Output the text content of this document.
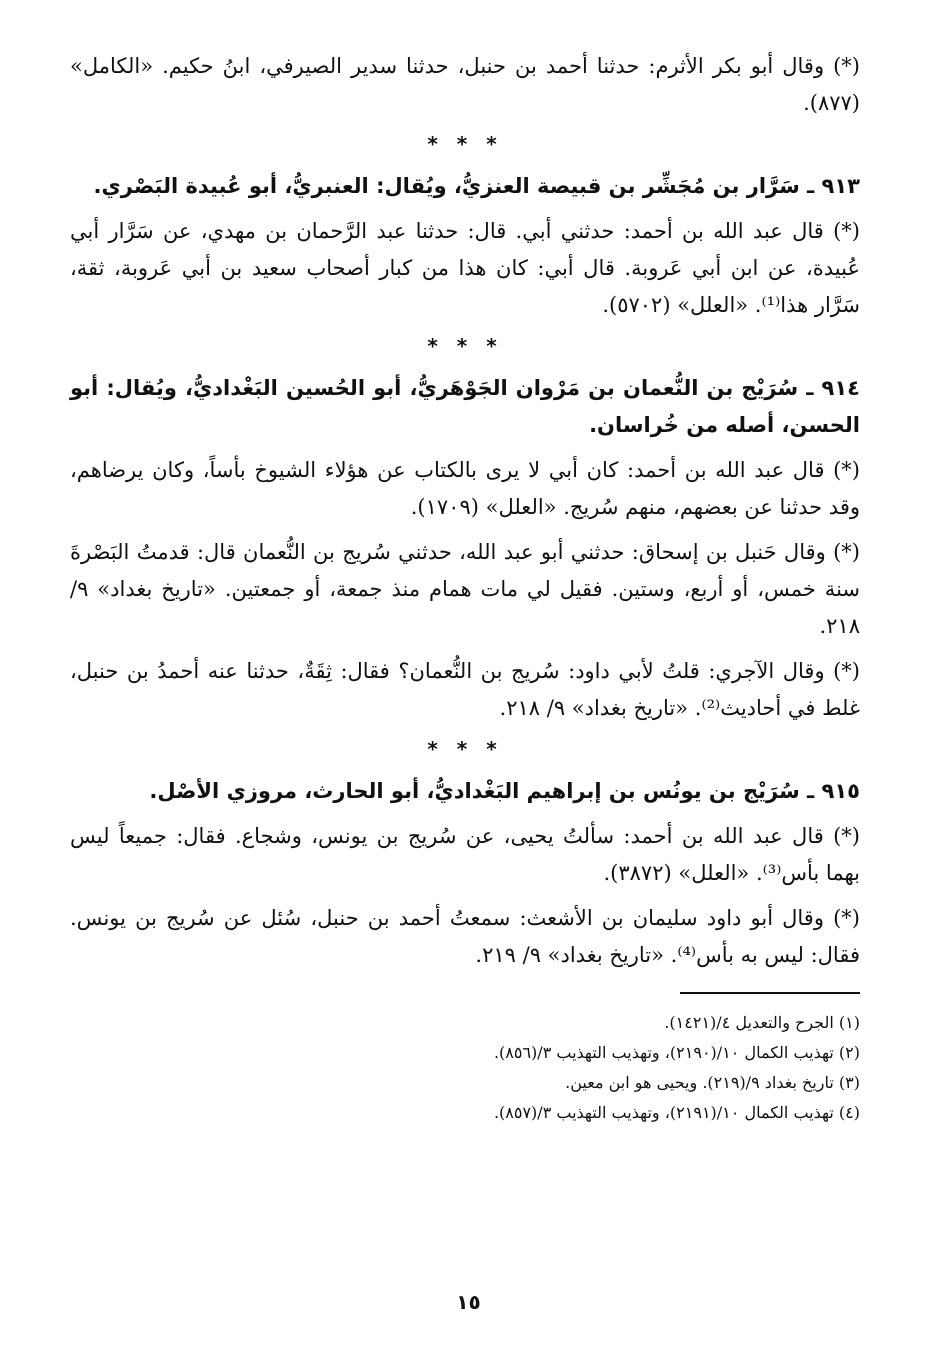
(*) وقال أبو بكر الأثرم: حدثنا أحمد بن حنبل، حدثنا سدير الصيرفي، ابنُ حكيم. «الكامل» (٨٧٧).

* * *

٩١٣ ـ سَرَّار بن مُجَشِّر بن قبيصة العنزيُّ، ويُقال: العنبريُّ، أبو عُبيدة البَصْري.

(*) قال عبد الله بن أحمد: حدثني أبي. قال: حدثنا عبد الرَّحمان بن مهدي، عن سَرَّار أبي عُبيدة، عن ابن أبي عَروبة. قال أبي: كان هذا من كبار أصحاب سعيد بن أبي عَروبة، ثقة، سَرَّار هذا⁽¹⁾. «العلل» (٥٧٠٢).

* * *

٩١٤ ـ سُرَيْج بن النُّعمان بن مَرْوان الجَوْهَريُّ، أبو الحُسين البَغْداديُّ، ويُقال: أبو الحسن، أصله من خُراسان.

(*) قال عبد الله بن أحمد: كان أبي لا يرى بالكتاب عن هؤلاء الشيوخ بأساً، وكان يرضاهم، وقد حدثنا عن بعضهم، منهم سُريج. «العلل» (١٧٠٩).

(*) وقال حَنبل بن إسحاق: حدثني أبو عبد الله، حدثني سُريج بن النُّعمان قال: قدمتُ البَصْرةَ سنة خمس، أو أربع، وستين. فقيل لي مات همام منذ جمعة، أو جمعتين. «تاريخ بغداد» ٩/ ٢١٨.

(*) وقال الآجري: قلتُ لأبي داود: سُريج بن النُّعمان؟ فقال: ثِقَةٌ، حدثنا عنه أحمدُ بن حنبل، غلط في أحاديث⁽²⁾. «تاريخ بغداد» ٩/ ٢١٨.

* * *

٩١٥ ـ سُرَيْج بن يونُس بن إبراهيم البَغْداديُّ، أبو الحارث، مروزي الأصْل.

(*) قال عبد الله بن أحمد: سألتُ يحيى، عن سُريج بن يونس، وشجاع. فقال: جميعاً ليس بهما بأس⁽³⁾. «العلل» (٣٨٧٢).

(*) وقال أبو داود سليمان بن الأشعث: سمعتُ أحمد بن حنبل، سُئل عن سُريج بن يونس. فقال: ليس به بأس⁽⁴⁾. «تاريخ بغداد» ٩/ ٢١٩.

(١) الجرح والتعديل ٤/(١٤٢١).

(٢) تهذيب الكمال ١٠/(٢١٩٠)، وتهذيب التهذيب ٣/(٨٥٦).

(٣) تاريخ بغداد ٩/(٢١٩). ويحيى هو ابن معين.

(٤) تهذيب الكمال ١٠/(٢١٩١)، وتهذيب التهذيب ٣/(٨٥٧).

١٥
